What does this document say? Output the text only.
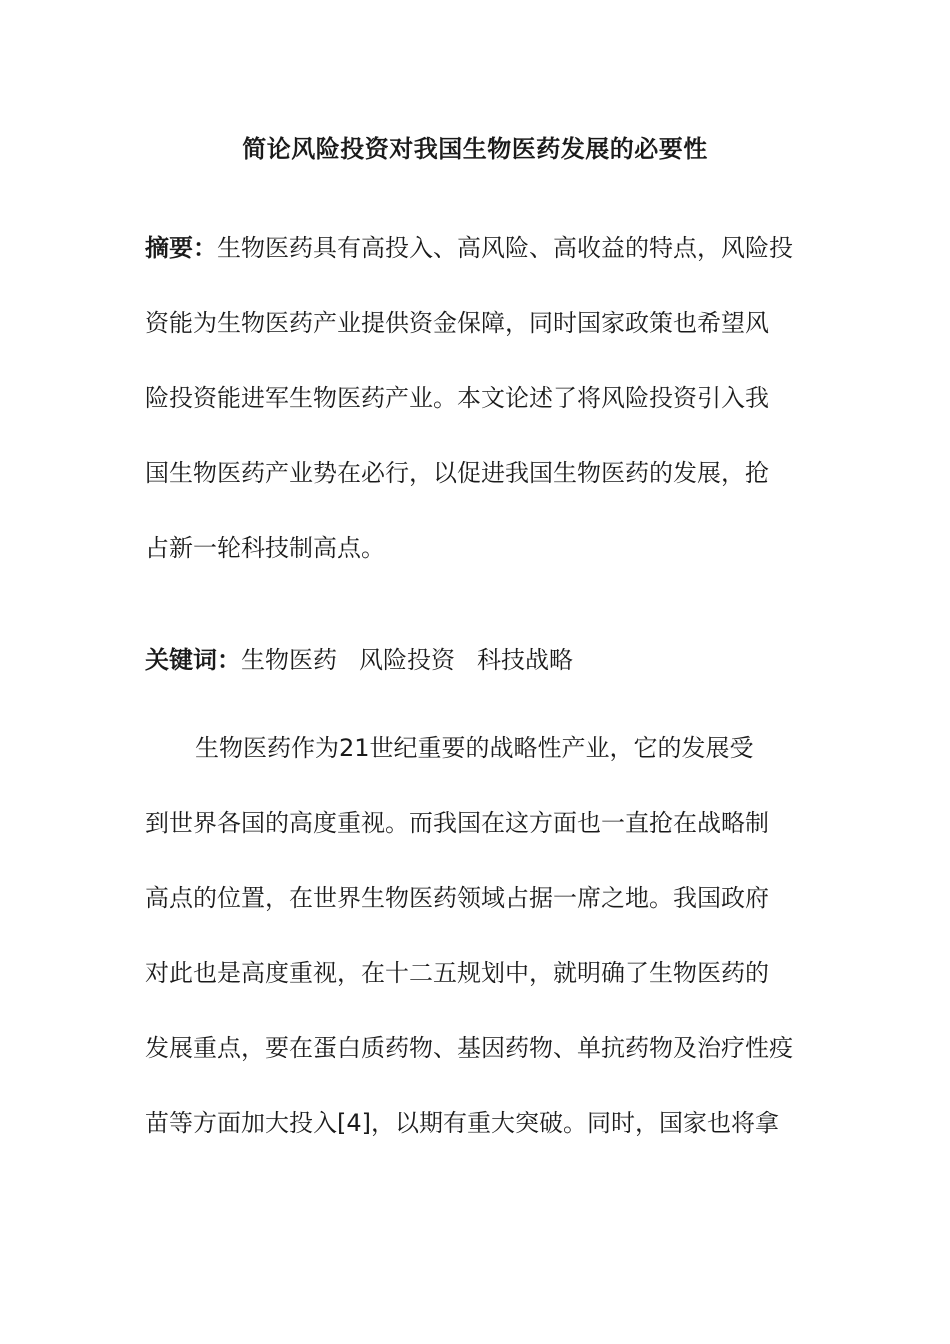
简论风险投资对我国生物医药发展的必要性
摘要：生物医药具有高投入、高风险、高收益的特点，风险投
资能为生物医药产业提供资金保障，同时国家政策也希望风
险投资能进军生物医药产业。本文论述了将风险投资引入我
国生物医药产业势在必行，以促进我国生物医药的发展，抢
占新一轮科技制高点。
关键词：生物医药 风险投资 科技战略
生物医药作为21世纪重要的战略性产业，它的发展受
到世界各国的高度重视。而我国在这方面也一直抢在战略制
高点的位置，在世界生物医药领域占据一席之地。我国政府
对此也是高度重视，在十二五规划中，就明确了生物医药的
发展重点，要在蛋白质药物、基因药物、单抗药物及治疗性疫
苗等方面加大投入[4]，以期有重大突破。同时，国家也将拿
